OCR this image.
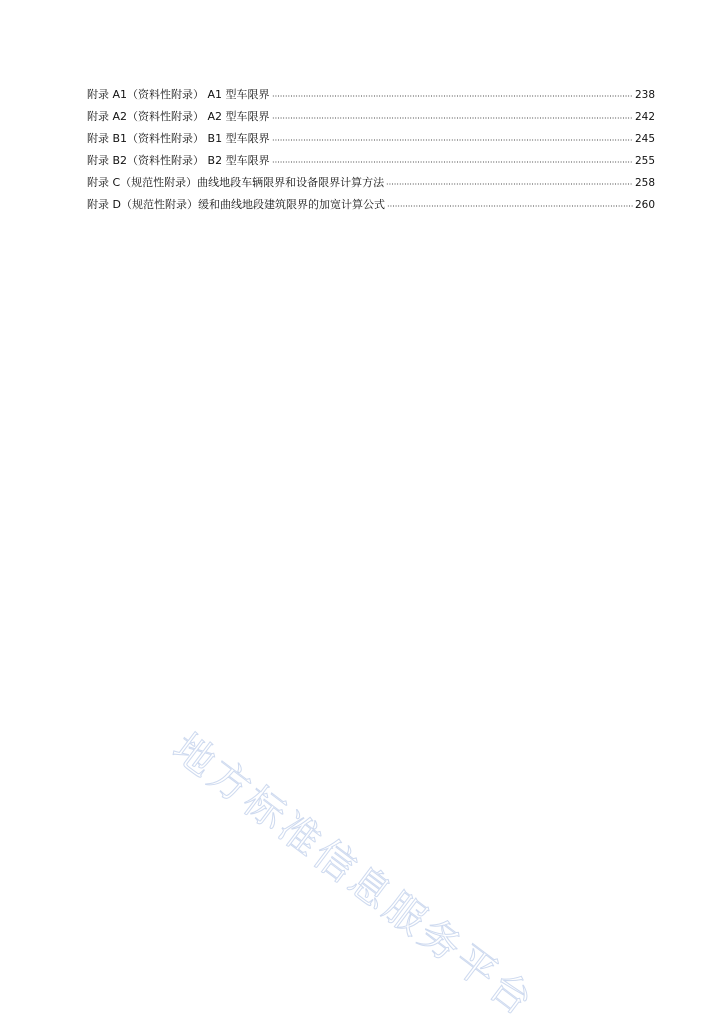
附录 A1（资料性附录） A1 型车限界	238
附录 A2（资料性附录） A2 型车限界	242
附录 B1（资料性附录） B1 型车限界	245
附录 B2（资料性附录） B2 型车限界	255
附录 C（规范性附录）曲线地段车辆限界和设备限界计算方法	258
附录 D（规范性附录）缓和曲线地段建筑限界的加宽计算公式	260
地方标准信息服务平台
